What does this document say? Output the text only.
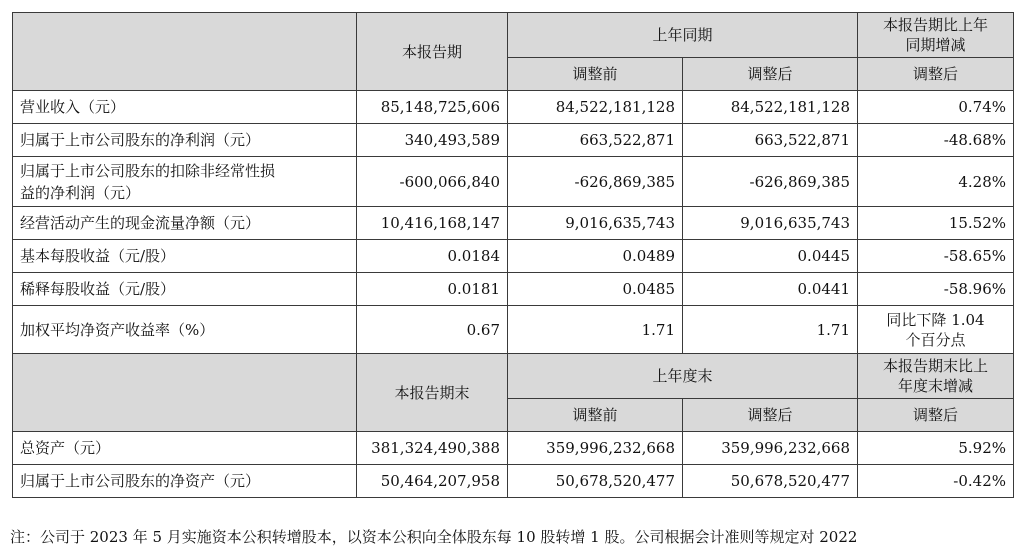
	本报告期	上年同期		本报告期比上年
同期增减

		调整前	调整后	调整后
营业收入（元）	85,148,725,606	84,522,181,128	84,522,181,128	0.74%
归属于上市公司股东的净利润（元）	340,493,589	663,522,871	663,522,871	-48.68%

归属于上市公司股东的扣除非经常性损
益的净利润（元）	-600,066,840	-626,869,385	-626,869,385	4.28%
经营活动产生的现金流量净额（元）	10,416,168,147	9,016,635,743	9,016,635,743	15.52%
基本每股收益（元/股）	0.0184	0.0489	0.0445	-58.65%
稀释每股收益（元/股）	0.0181	0.0485	0.0441	-58.96%
加权平均净资产收益率（%）	0.67	1.71	1.71	同比下降 1.04
个百分点

	本报告期末	上年度末		本报告期末比上
年度末增减

		调整前	调整后	调整后
总资产（元）	381,324,490,388	359,996,232,668	359,996,232,668	5.92%
归属于上市公司股东的净资产（元）	50,464,207,958	50,678,520,477	50,678,520,477	-0.42%
注：公司于 2023 年 5 月实施资本公积转增股本，以资本公积向全体股东每 10 股转增 1 股。公司根据会计准则等规定对 2022
